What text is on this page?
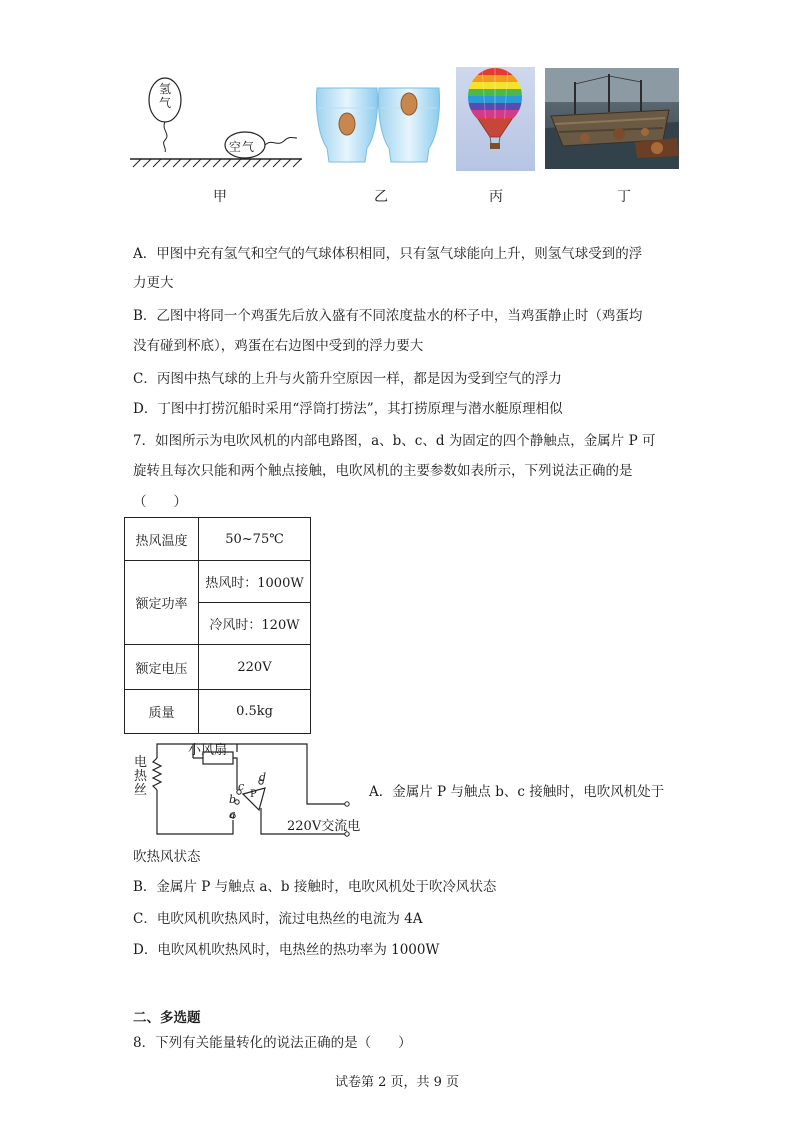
氢气
空气
甲	乙	丙	丁
A．甲图中充有氢气和空气的气球体积相同，只有氢气球能向上升，则氢气球受到的浮
力更大
B．乙图中将同一个鸡蛋先后放入盛有不同浓度盐水的杯子中，当鸡蛋静止时（鸡蛋均
没有碰到杯底），鸡蛋在右边图中受到的浮力要大
C．丙图中热气球的上升与火箭升空原因一样，都是因为受到空气的浮力
D．丁图中打捞沉船时采用“浮筒打捞法”，其打捞原理与潜水艇原理相似
7．如图所示为电吹风机的内部电路图，a、b、c、d 为固定的四个静触点，金属片 P 可
旋转且每次只能和两个触点接触，电吹风机的主要参数如表所示，下列说法正确的是
（　　）
热风温度	50~75℃
额定功率	热风时：1000W
	冷风时：120W
额定电压	220V
质量	0.5kg
电热丝
小风扇
d
c
b
a
P
220V交流电
A．金属片 P 与触点 b、c 接触时，电吹风机处于
吹热风状态
B．金属片 P 与触点 a、b 接触时，电吹风机处于吹冷风状态
C．电吹风机吹热风时，流过电热丝的电流为 4A
D．电吹风机吹热风时，电热丝的热功率为 1000W
二、多选题
8．下列有关能量转化的说法正确的是（　　）
试卷第 2 页，共 9 页
